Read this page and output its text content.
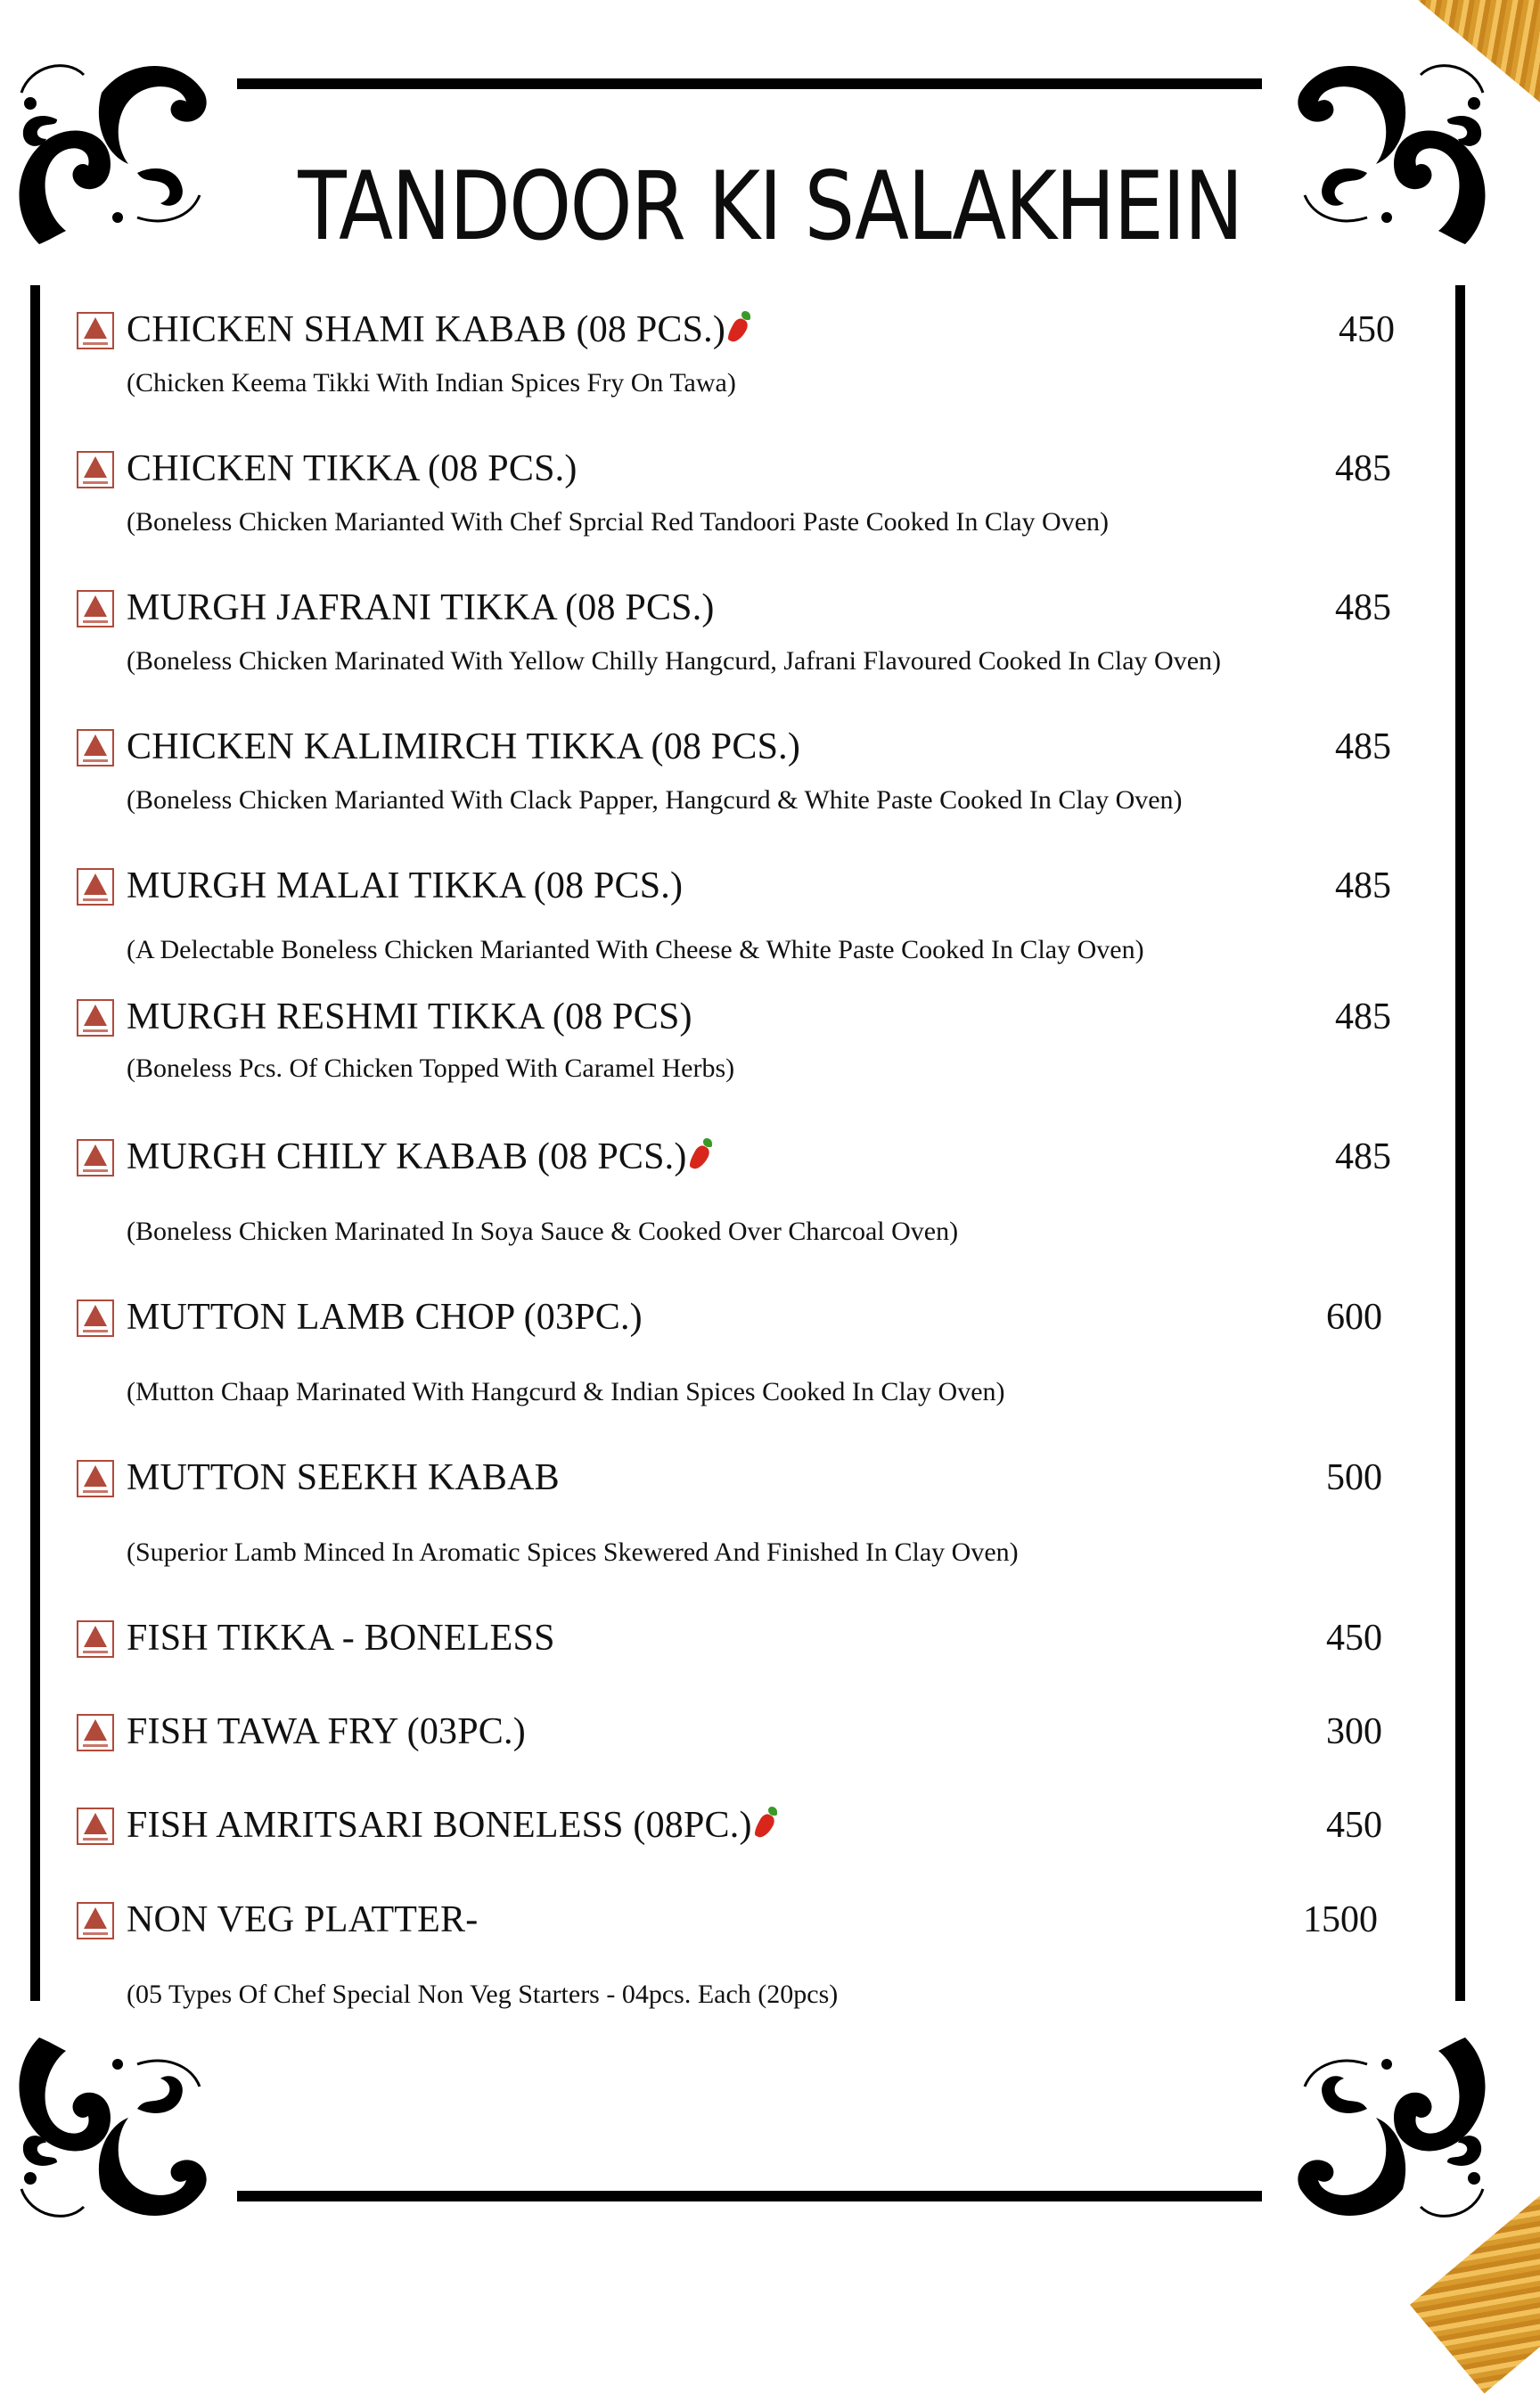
TANDOOR KI SALAKHEIN
CHICKEN SHAMI KABAB (08 PCS.)	450
(Chicken Keema Tikki With Indian Spices Fry On Tawa)
CHICKEN TIKKA (08 PCS.)	485
(Boneless Chicken Marianted With Chef Sprcial Red Tandoori Paste Cooked In Clay Oven)
MURGH JAFRANI TIKKA (08 PCS.)	485
(Boneless Chicken Marinated With Yellow Chilly Hangcurd, Jafrani Flavoured Cooked In Clay Oven)
CHICKEN KALIMIRCH TIKKA (08 PCS.)	485
(Boneless Chicken Marianted With Clack Papper, Hangcurd & White Paste Cooked In Clay Oven)
MURGH MALAI TIKKA (08 PCS.)	485
(A Delectable Boneless Chicken Marianted With Cheese & White Paste Cooked In Clay Oven)
MURGH RESHMI TIKKA (08 PCS)	485
(Boneless Pcs. Of Chicken Topped With Caramel Herbs)
MURGH CHILY KABAB (08 PCS.)	485
(Boneless Chicken Marinated In Soya Sauce & Cooked Over Charcoal Oven)
MUTTON LAMB CHOP (03PC.)	600
(Mutton Chaap Marinated With Hangcurd & Indian Spices Cooked In Clay Oven)
MUTTON SEEKH KABAB	500
(Superior Lamb Minced In Aromatic Spices Skewered And Finished In Clay Oven)
FISH TIKKA - BONELESS	450
FISH TAWA FRY (03PC.)	300
FISH AMRITSARI BONELESS (08PC.)	450
NON VEG PLATTER-	1500
(05 Types Of Chef Special Non Veg Starters - 04pcs. Each (20pcs)
